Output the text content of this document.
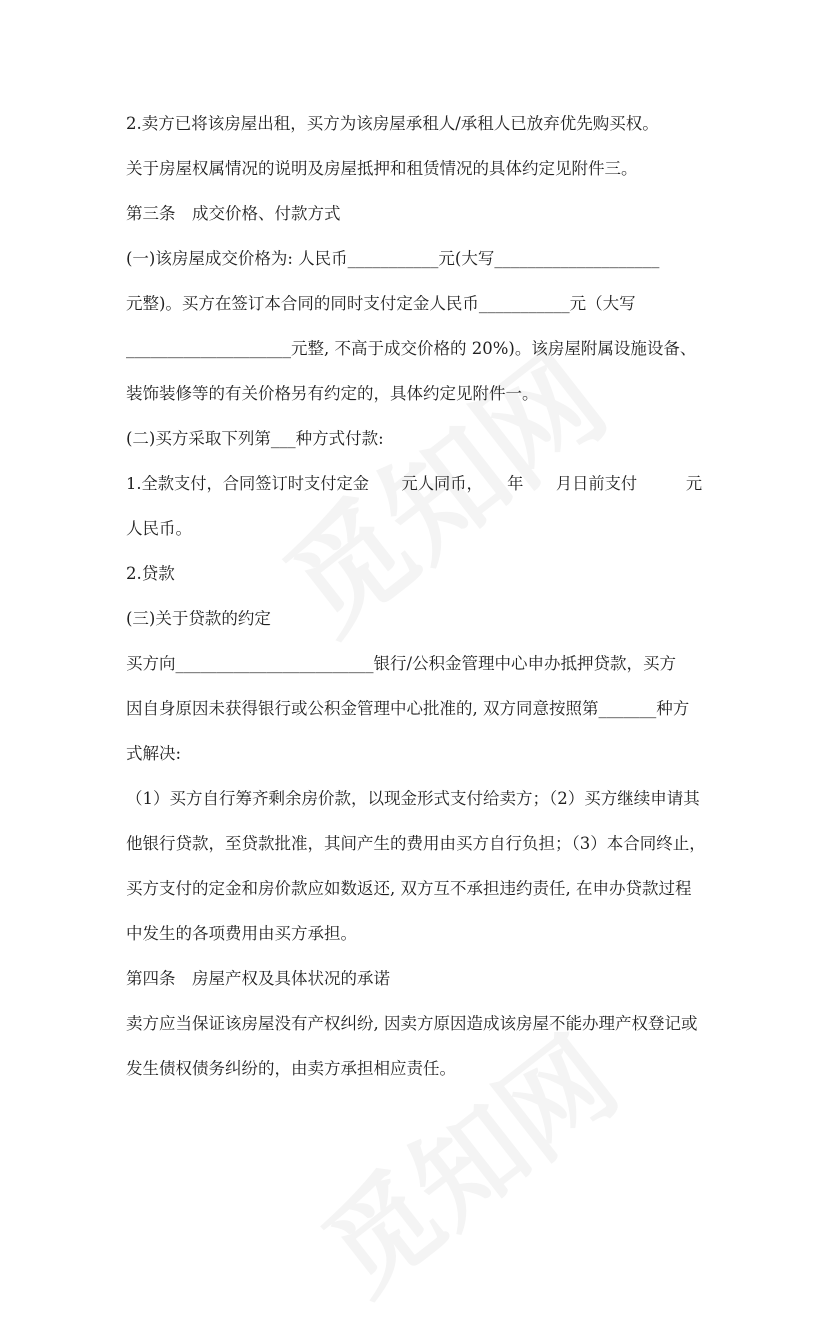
2.卖方已将该房屋出租，买方为该房屋承租人/承租人已放弃优先购买权。
关于房屋权属情况的说明及房屋抵押和租赁情况的具体约定见附件三。
第三条　成交价格、付款方式
(一)该房屋成交价格为: 人民币___________元(大写____________________
元整)。买方在签订本合同的同时支付定金人民币___________元（大写
____________________元整, 不高于成交价格的 20%)。该房屋附属设施设备、
装饰装修等的有关价格另有约定的，具体约定见附件一。
(二)买方采取下列第___种方式付款:
1.全款支付，合同签订时支付定金　　元人同币，　　年　　月日前支付　　　元
人民币。
2.贷款
(三)关于贷款的约定
买方向________________________银行/公积金管理中心申办抵押贷款，买方
因自身原因未获得银行或公积金管理中心批准的, 双方同意按照第_______种方
式解决:
（1）买方自行筹齐剩余房价款，以现金形式支付给卖方；（2）买方继续申请其
他银行贷款，至贷款批准，其间产生的费用由买方自行负担；（3）本合同终止，
买方支付的定金和房价款应如数返还, 双方互不承担违约责任, 在申办贷款过程
中发生的各项费用由买方承担。
第四条　房屋产权及具体状况的承诺
卖方应当保证该房屋没有产权纠纷, 因卖方原因造成该房屋不能办理产权登记或
发生债权债务纠纷的，由卖方承担相应责任。
